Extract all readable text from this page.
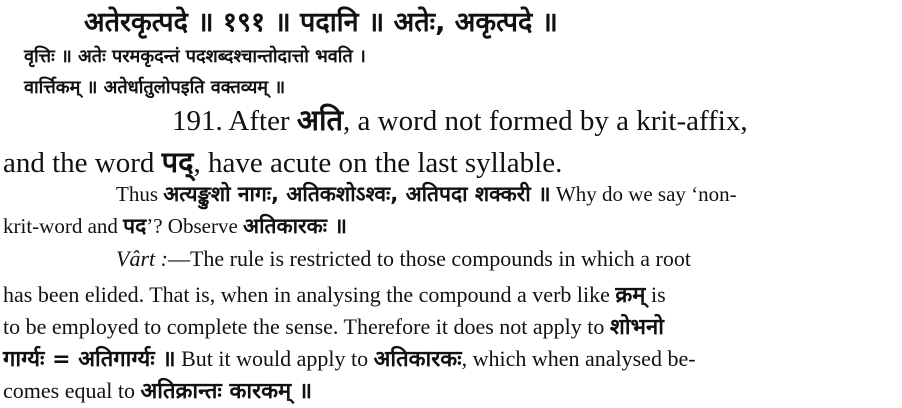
अतेरकृत्पदे ॥ १९१ ॥ पदानि ॥ अतेः, अकृत्पदे ॥
वृत्तिः ॥ अतेः परमकृदन्तं पदशब्दश्चान्तोदात्तो भवति ।
वार्त्तिकम् ॥ अतेर्धातुलोपइति वक्तव्यम् ॥
191. After अति, a word not formed by a krit-affix,
and the word पद्, have acute on the last syllable.
Thus अत्यङ्कुशो नागः, अतिकशोऽश्वः, अतिपदा शक्करी ॥ Why do we say ‘non-
krit-word and पद’? Observe अतिकारकः ॥
Vârt :—The rule is restricted to those compounds in which a root
has been elided. That is, when in analysing the compound a verb like क्रम् is
to be employed to complete the sense. Therefore it does not apply to शोभनो
गार्ग्यः = अतिगार्ग्यः ॥ But it would apply to अतिकारकः, which when analysed be-
comes equal to अतिक्रान्तः कारकम् ॥
